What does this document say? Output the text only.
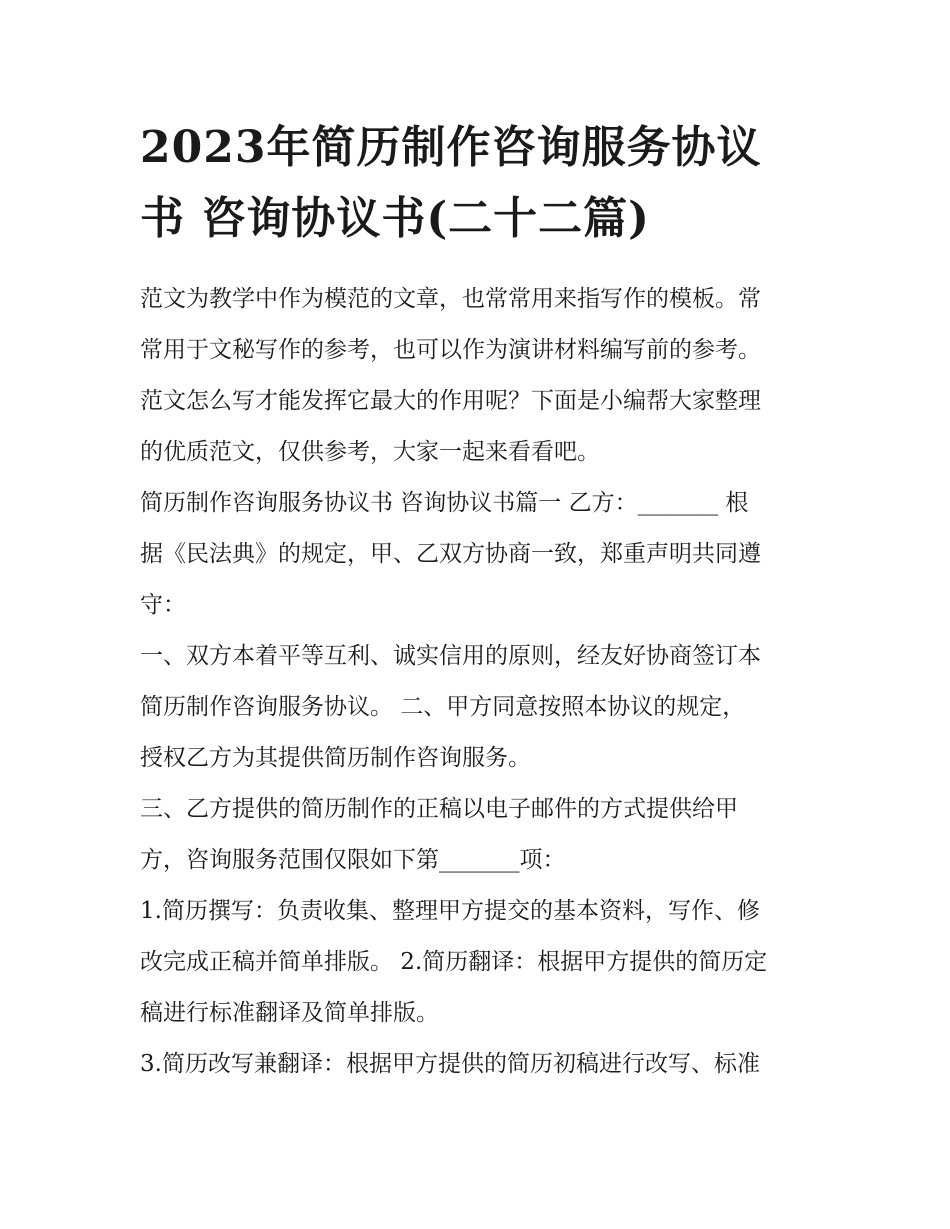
2023年简历制作咨询服务协议
书 咨询协议书(二十二篇)

范文为教学中作为模范的文章，也常常用来指写作的模板。常
常用于文秘写作的参考，也可以作为演讲材料编写前的参考。
范文怎么写才能发挥它最大的作用呢？下面是小编帮大家整理
的优质范文，仅供参考，大家一起来看看吧。

简历制作咨询服务协议书 咨询协议书篇一 乙方：_______ 根
据《民法典》的规定，甲、乙双方协商一致，郑重声明共同遵
守：

一、双方本着平等互利、诚实信用的原则，经友好协商签订本
简历制作咨询服务协议。 二、甲方同意按照本协议的规定，
授权乙方为其提供简历制作咨询服务。

三、乙方提供的简历制作的正稿以电子邮件的方式提供给甲
方，咨询服务范围仅限如下第_______项：

1.简历撰写：负责收集、整理甲方提交的基本资料，写作、修
改完成正稿并简单排版。 2.简历翻译：根据甲方提供的简历定
稿进行标准翻译及简单排版。

3.简历改写兼翻译：根据甲方提供的简历初稿进行改写、标准
